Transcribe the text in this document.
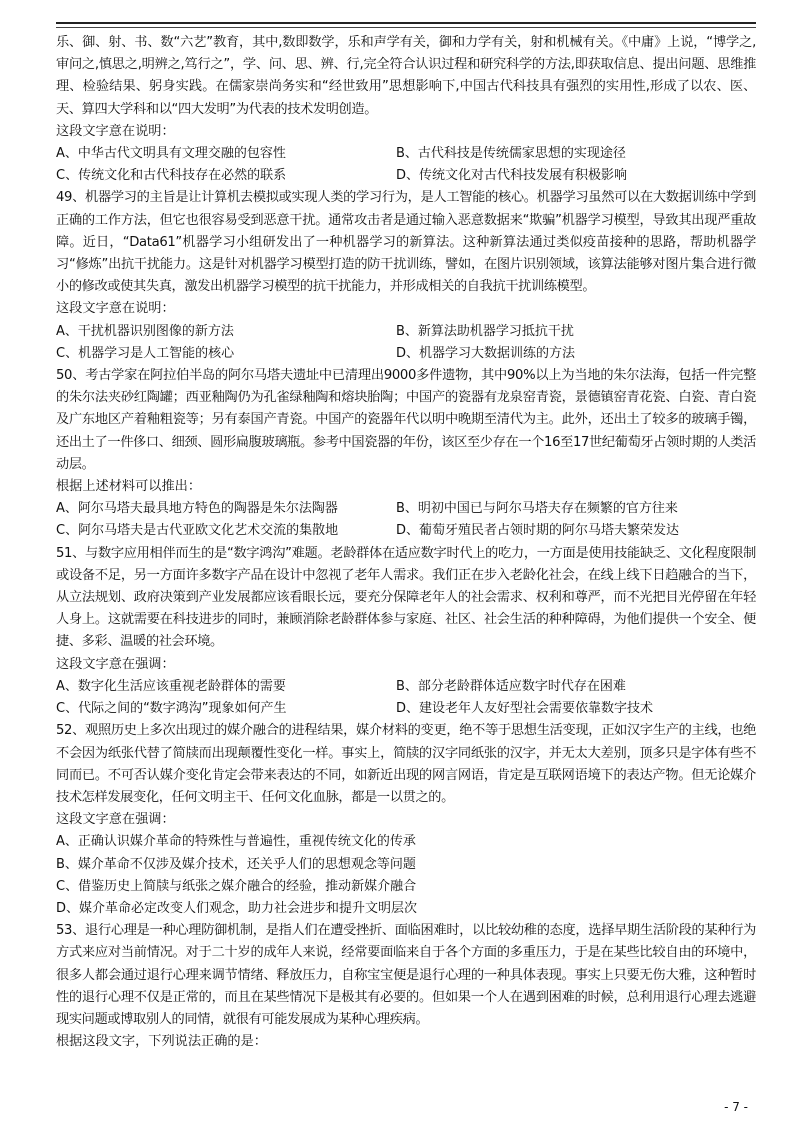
乐、御、射、书、数“六艺”教育，其中,数即数学，乐和声学有关，御和力学有关，射和机械有关。《中庸》上说，“博学之,审问之,慎思之,明辨之,笃行之”，学、问、思、辨、行,完全符合认识过程和研究科学的方法,即获取信息、提出问题、思维推理、检验结果、躬身实践。在儒家崇尚务实和“经世致用”思想影响下,中国古代科技具有强烈的实用性,形成了以农、医、天、算四大学科和以“四大发明”为代表的技术发明创造。

这段文字意在说明：

A、中华古代文明具有文理交融的包容性	B、古代科技是传统儒家思想的实现途径
C、传统文化和古代科技存在必然的联系	D、传统文化对古代科技发展有积极影响

49、机器学习的主旨是让计算机去模拟或实现人类的学习行为，是人工智能的核心。机器学习虽然可以在大数据训练中学到正确的工作方法，但它也很容易受到恶意干扰。通常攻击者是通过输入恶意数据来“欺骗”机器学习模型，导致其出现严重故障。近日，“Data61”机器学习小组研发出了一种机器学习的新算法。这种新算法通过类似疫苗接种的思路，帮助机器学习“修炼”出抗干扰能力。这是针对机器学习模型打造的防干扰训练，譬如，在图片识别领域，该算法能够对图片集合进行微小的修改或使其失真，激发出机器学习模型的抗干扰能力，并形成相关的自我抗干扰训练模型。

这段文字意在说明：

A、干扰机器识别图像的新方法	B、新算法助机器学习抵抗干扰
C、机器学习是人工智能的核心	D、机器学习大数据训练的方法

50、考古学家在阿拉伯半岛的阿尔马塔夫遗址中已清理出9000多件遗物，其中90%以上为当地的朱尔法海，包括一件完整的朱尔法夹砂红陶罐；西亚釉陶仍为孔雀绿釉陶和熔块胎陶；中国产的瓷器有龙泉窑青瓷，景德镇窑青花瓷、白瓷、青白瓷及广东地区产着釉粗瓷等；另有泰国产青瓷。中国产的瓷器年代以明中晚期至清代为主。此外，还出土了较多的玻璃手镯，还出土了一件侈口、细颈、圆形扁腹玻璃瓶。参考中国瓷器的年份，该区至少存在一个16至17世纪葡萄牙占领时期的人类活动层。

根据上述材料可以推出：

A、阿尔马塔夫最具地方特色的陶器是朱尔法陶器	B、明初中国已与阿尔马塔夫存在频繁的官方往来
C、阿尔马塔夫是古代亚欧文化艺术交流的集散地	D、葡萄牙殖民者占领时期的阿尔马塔夫繁荣发达

51、与数字应用相伴而生的是“数字鸿沟”难题。老龄群体在适应数字时代上的吃力，一方面是使用技能缺乏、文化程度限制或设备不足，另一方面许多数字产品在设计中忽视了老年人需求。我们正在步入老龄化社会，在线上线下日趋融合的当下，从立法规划、政府决策到产业发展都应该看眼长远，要充分保障老年人的社会需求、权利和尊严，而不光把目光停留在年轻人身上。这就需要在科技进步的同时，兼顾消除老龄群体参与家庭、社区、社会生活的种种障碍，为他们提供一个安全、便捷、多彩、温暖的社会环境。

这段文字意在强调：

A、数字化生活应该重视老龄群体的需要	B、部分老龄群体适应数字时代存在困难
C、代际之间的“数字鸿沟”现象如何产生	D、建设老年人友好型社会需要依靠数字技术

52、观照历史上多次出现过的媒介融合的进程结果，媒介材料的变更，绝不等于思想生活变现，正如汉字生产的主线，也绝不会因为纸张代替了简牍而出现颠覆性变化一样。事实上，简牍的汉字同纸张的汉字，并无太大差别，顶多只是字体有些不同而已。不可否认媒介变化肯定会带来表达的不同，如新近出现的网言网语，肯定是互联网语境下的表达产物。但无论媒介技术怎样发展变化，任何文明主干、任何文化血脉，都是一以贯之的。

这段文字意在强调：

A、正确认识媒介革命的特殊性与普遍性，重视传统文化的传承
B、媒介革命不仅涉及媒介技术，还关乎人们的思想观念等问题
C、借鉴历史上简牍与纸张之媒介融合的经验，推动新媒介融合
D、媒介革命必定改变人们观念，助力社会进步和提升文明层次

53、退行心理是一种心理防御机制，是指人们在遭受挫折、面临困难时，以比较幼稚的态度，选择早期生活阶段的某种行为方式来应对当前情况。对于二十岁的成年人来说，经常要面临来自于各个方面的多重压力，于是在某些比较自由的环境中，很多人都会通过退行心理来调节情绪、释放压力，自称宝宝便是退行心理的一种具体表现。事实上只要无伤大雅，这种暂时性的退行心理不仅是正常的，而且在某些情况下是极其有必要的。但如果一个人在遇到困难的时候，总利用退行心理去逃避现实问题或博取别人的同情，就很有可能发展成为某种心理疾病。

根据这段文字，下列说法正确的是：

- 7 -
